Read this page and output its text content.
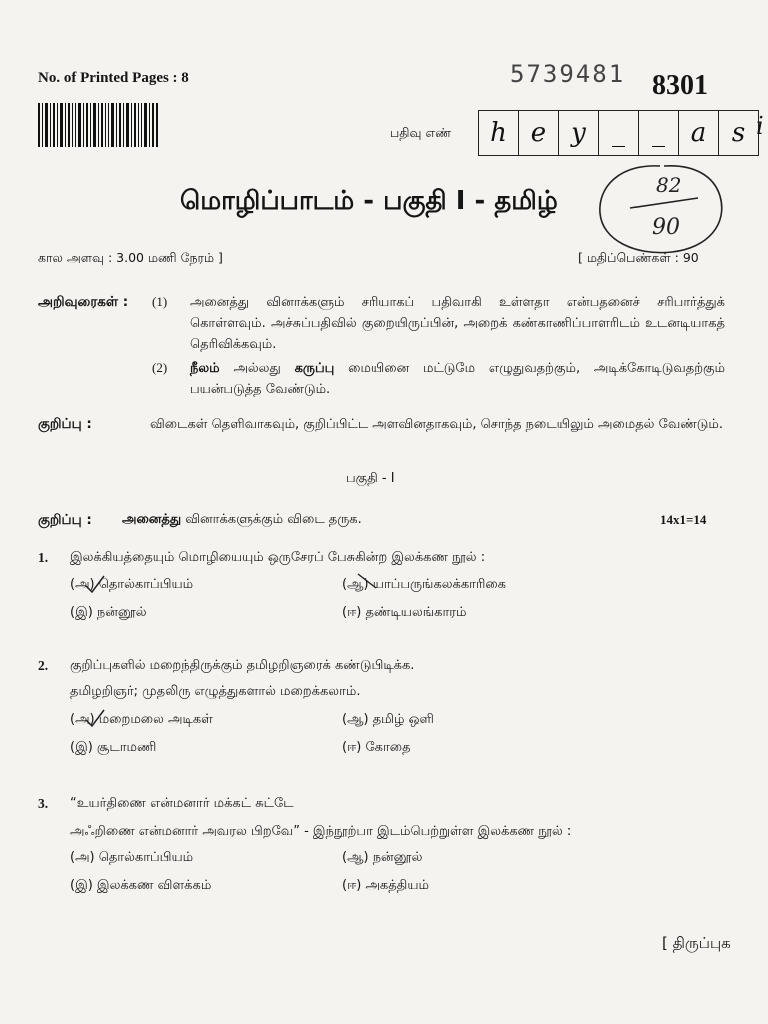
No. of Printed Pages : 8	5739481 8301
பதிவு எண்	h e y	_	_ a s i
மொழிப்பாடம் - பகுதி I - தமிழ்
82
90
கால அளவு : 3.00 மணி நேரம் ]	[ மதிப்பெண்கள் : 90
அறிவுரைகள் : (1) அனைத்து வினாக்களும் சரியாகப் பதிவாகி உள்ளதா என்பதனைச் சரிபார்த்துக் கொள்ளவும். அச்சுப்பதிவில் குறையிருப்பின், அறைக் கண்காணிப்பாளரிடம் உடனடியாகத் தெரிவிக்கவும்.
(2) நீலம் அல்லது கருப்பு மையினை மட்டுமே எழுதுவதற்கும், அடிக்கோடிடுவதற்கும் பயன்படுத்த வேண்டும்.
குறிப்பு :	விடைகள் தெளிவாகவும், குறிப்பிட்ட அளவினதாகவும், சொந்த நடையிலும் அமைதல் வேண்டும்.
பகுதி - I
குறிப்பு : அனைத்து வினாக்களுக்கும் விடை தருக.	14x1=14
1. இலக்கியத்தையும் மொழியையும் ஒருசேரப் பேசுகின்ற இலக்கண நூல் :
(அ) தொல்காப்பியம்	(ஆ) யாப்பருங்கலக்காரிகை
(இ) நன்னூல்	(ஈ) தண்டியலங்காரம்
2. குறிப்புகளில் மறைந்திருக்கும் தமிழறிஞரைக் கண்டுபிடிக்க.
தமிழறிஞர்; முதலிரு எழுத்துகளால் மறைக்கலாம்.
(அ) மறைமலை அடிகள்	(ஆ) தமிழ் ஒளி
(இ) சூடாமணி	(ஈ) கோதை
3. “உயர்திணை என்மனார் மக்கட் சுட்டே
அஃறிணை என்மனார் அவரல பிறவே” - இந்நூற்பா இடம்பெற்றுள்ள இலக்கண நூல் :
(அ) தொல்காப்பியம்	(ஆ) நன்னூல்
(இ) இலக்கண விளக்கம்	(ஈ) அகத்தியம்
[ திருப்புக
